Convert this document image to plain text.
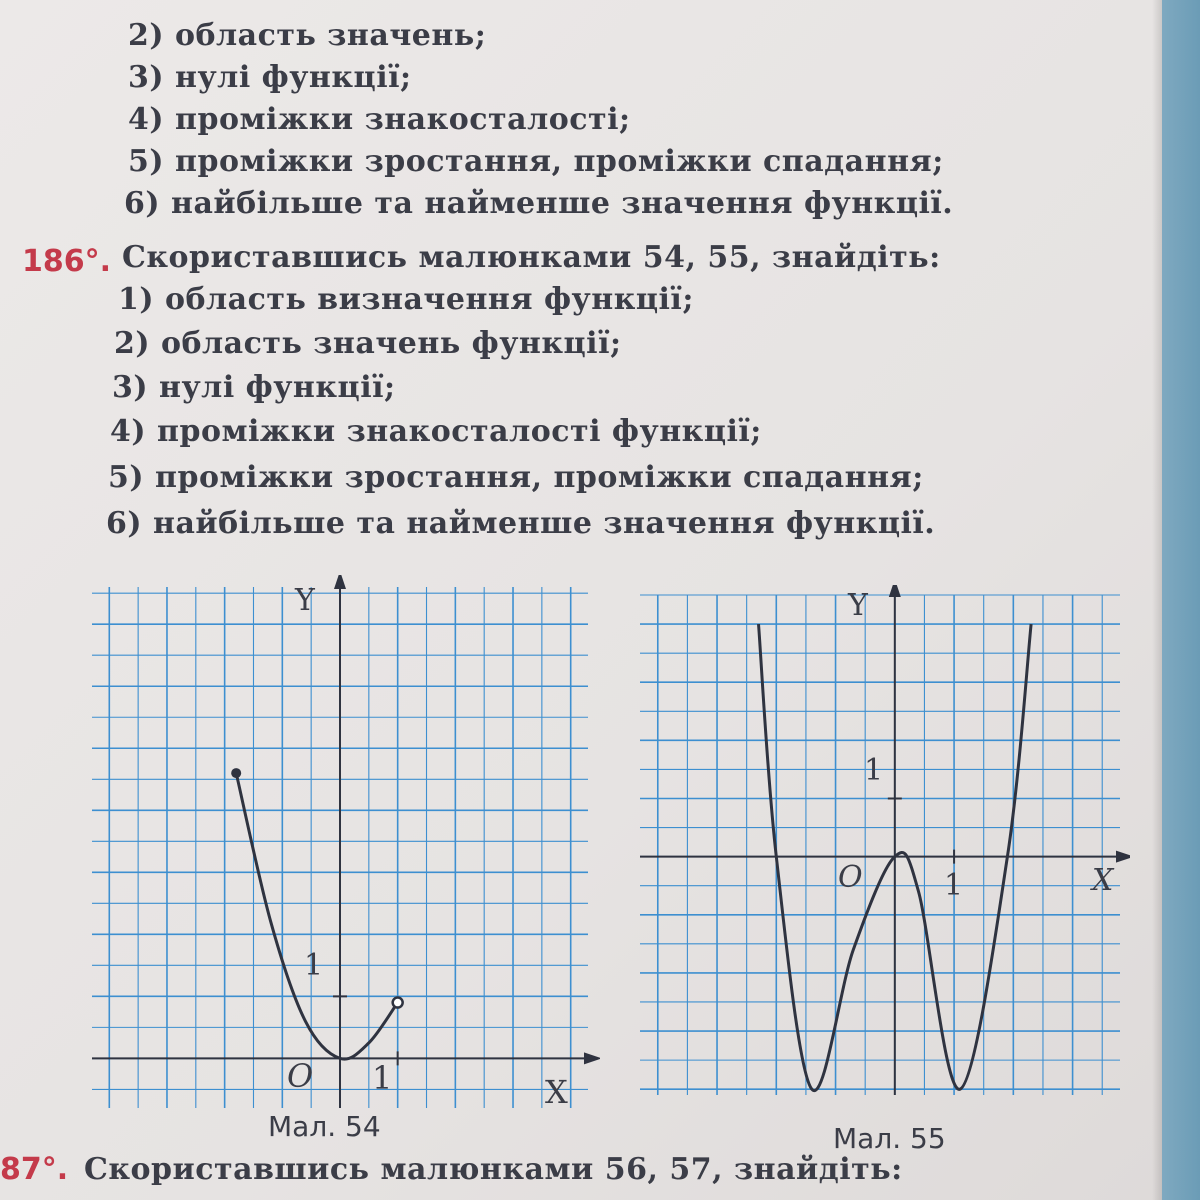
2) область значень;
3) нулі функції;
4) проміжки знакосталості;
5) проміжки зростання, проміжки спадання;
6) найбільше та найменше значення функції.
186°. Скориставшись малюнками 54, 55, знайдіть:
1) область визначення функції;
2) область значень функції;
3) нулі функції;
4) проміжки знакосталості функції;
5) проміжки зростання, проміжки спадання;
6) найбільше та найменше значення функції.
Y
X
O 1
1
Мал. 54
Y
X
O	1
1
Мал. 55
87°. Скориставшись малюнками 56, 57, знайдіть:
